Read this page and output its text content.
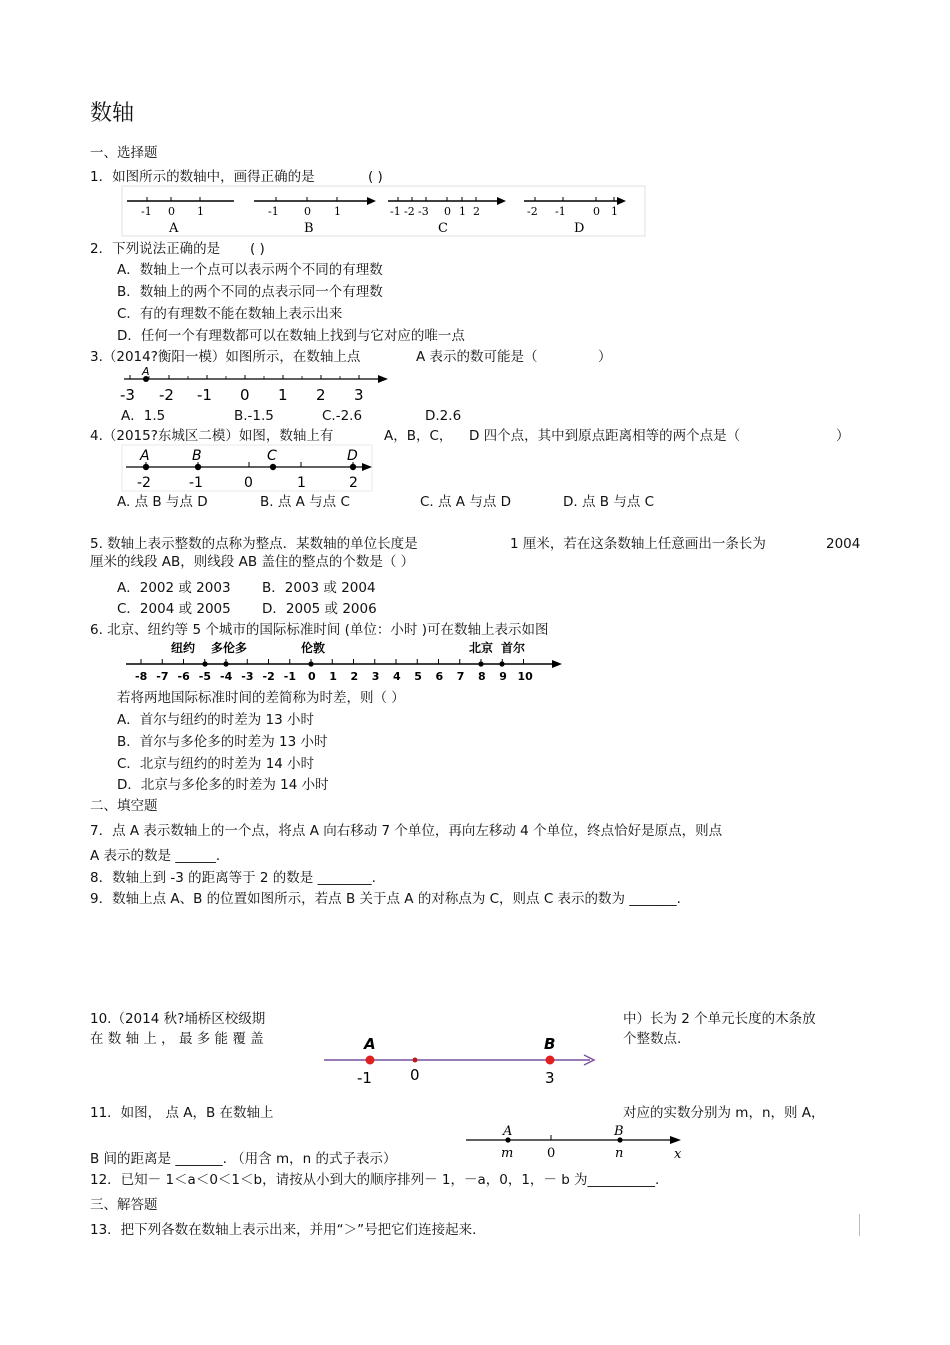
数轴
一、选择题
1．如图所示的数轴中，画得正确的是	( )
-1 0 1
A
-1 0 1
B
-1 -2 -3 0 1 2
C
-2 -1 0 1
D
2．下列说法正确的是 ( )
A．数轴上一个点可以表示两个不同的有理数
B．数轴上的两个不同的点表示同一个有理数
C．有的有理数不能在数轴上表示出来
D．任何一个有理数都可以在数轴上找到与它对应的唯一点
3.（2014?衡阳一模）如图所示，在数轴上点	A 表示的数可能是（	）
A
-3 -2 -1 0 1 2 3
A．1.5	B.-1.5	C.-2.6	D.2.6
4.（2015?东城区二模）如图，数轴上有	A，B，C， D 四个点，其中到原点距离相等的两个点是（	）
A	B	C	D
-2	-1	0	1	2
A. 点 B 与点 D	B. 点 A 与点 C	C. 点 A 与点 D	D. 点 B 与点 C
5. 数轴上表示整数的点称为整点．某数轴的单位长度是	1 厘米，若在这条数轴上任意画出一条长为	2004
厘米的线段 AB，则线段 AB 盖住的整点的个数是（ ）
A．2002 或 2003 B．2003 或 2004
C．2004 或 2005 D．2005 或 2006
6. 北京、纽约等 5 个城市的国际标准时间 (单位：小时 )可在数轴上表示如图
纽约 多伦多	伦敦	北京 首尔
-8 -7 -6 -5 -4 -3 -2 -1 0 1 2 3 4 5 6 7 8 9 10
若将两地国际标准时间的差简称为时差，则（ ）
A．首尔与纽约的时差为 13 小时
B．首尔与多伦多的时差为 13 小时
C．北京与纽约的时差为 14 小时
D．北京与多伦多的时差为 14 小时
二、填空题
7．点 A 表示数轴上的一个点，将点 A 向右移动 7 个单位，再向左移动 4 个单位，终点恰好是原点，则点
A 表示的数是 ______.
8．数轴上到 -3 的距离等于 2 的数是 ________.
9．数轴上点 A、B 的位置如图所示，若点 B 关于点 A 的对称点为 C，则点 C 表示的数为 _______.
10.（2014 秋?埇桥区校级期
在 数 轴 上 ， 最 多 能 覆 盖
中）长为 2 个单元长度的木条放
个整数点.
A	B
-1	0	3
11．如图， 点 A，B 在数轴上	对应的实数分别为 m，n，则 A，
B 间的距离是 _______. （用含 m，n 的式子表示）
A	B
m	0	n	x
12．已知－ 1＜a＜0＜1＜b，请按从小到大的顺序排列－ 1，－a，0，1，－ b 为__________.
三、解答题
13．把下列各数在数轴上表示出来，并用“＞”号把它们连接起来.
